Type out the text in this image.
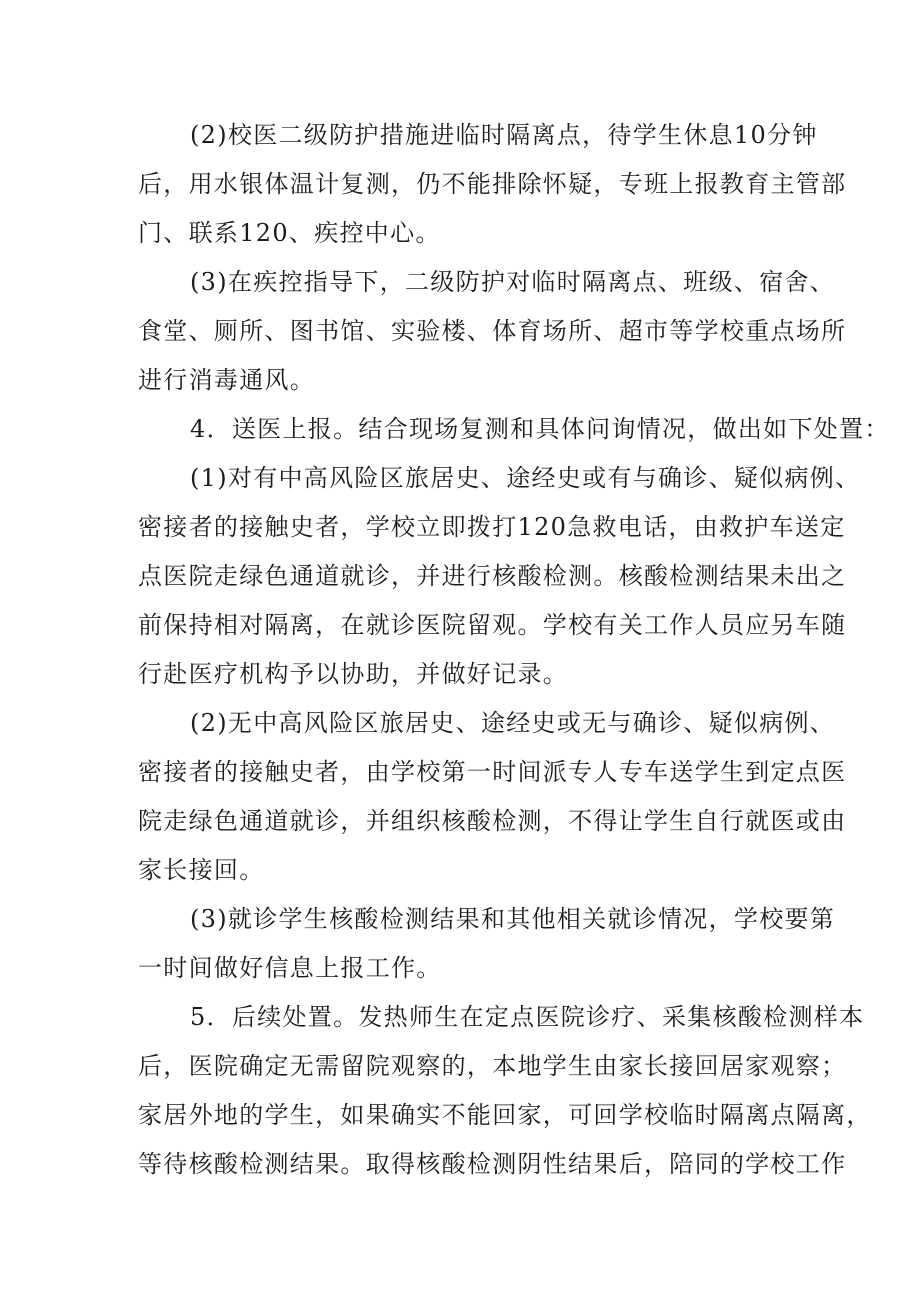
(2)校医二级防护措施进临时隔离点，待学生休息10分钟
后，用水银体温计复测，仍不能排除怀疑，专班上报教育主管部
门、联系120、疾控中心。
(3)在疾控指导下，二级防护对临时隔离点、班级、宿舍、
食堂、厕所、图书馆、实验楼、体育场所、超市等学校重点场所
进行消毒通风。
4．送医上报。结合现场复测和具体问询情况，做出如下处置：
(1)对有中高风险区旅居史、途经史或有与确诊、疑似病例、
密接者的接触史者，学校立即拨打120急救电话，由救护车送定
点医院走绿色通道就诊，并进行核酸检测。核酸检测结果未出之
前保持相对隔离，在就诊医院留观。学校有关工作人员应另车随
行赴医疗机构予以协助，并做好记录。
(2)无中高风险区旅居史、途经史或无与确诊、疑似病例、
密接者的接触史者，由学校第一时间派专人专车送学生到定点医
院走绿色通道就诊，并组织核酸检测，不得让学生自行就医或由
家长接回。
(3)就诊学生核酸检测结果和其他相关就诊情况，学校要第
一时间做好信息上报工作。
5．后续处置。发热师生在定点医院诊疗、采集核酸检测样本
后，医院确定无需留院观察的，本地学生由家长接回居家观察；
家居外地的学生，如果确实不能回家，可回学校临时隔离点隔离，
等待核酸检测结果。取得核酸检测阴性结果后，陪同的学校工作
